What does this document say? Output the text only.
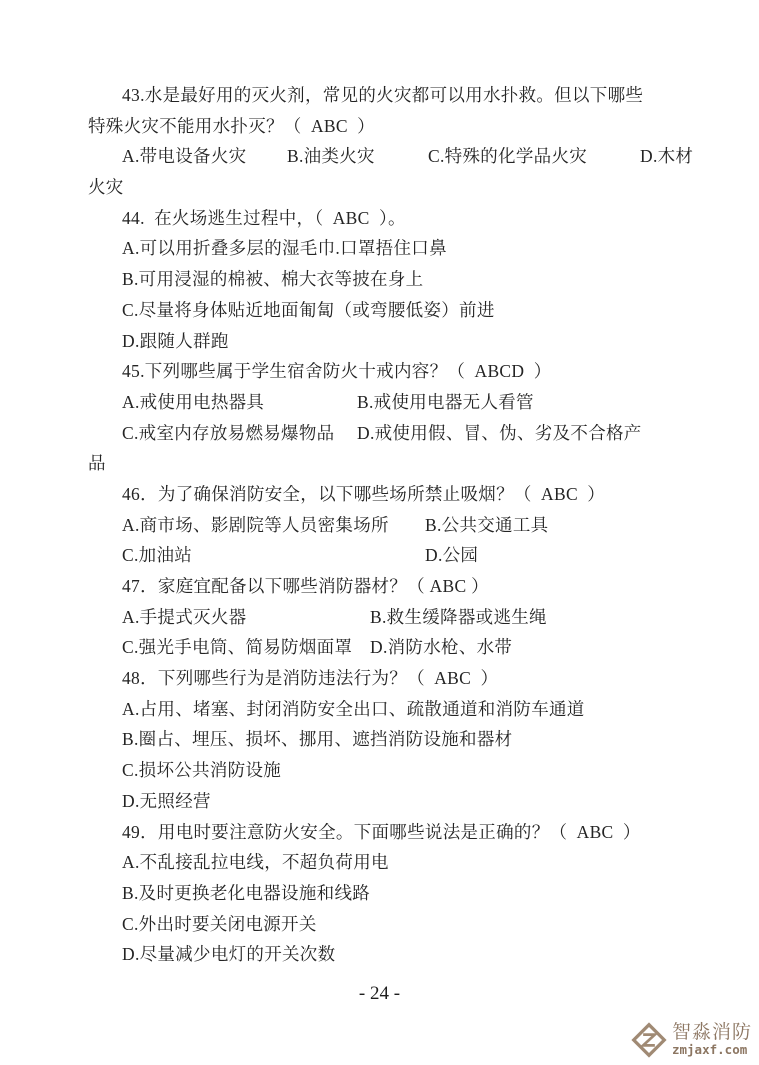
43.水是最好用的灭火剂，常见的火灾都可以用水扑救。但以下哪些
特殊火灾不能用水扑灭？（  ABC  ）
A.带电设备火灾 B.油类火灾	C.特殊的化学品火灾	D.木材
火灾
44.  在火场逃生过程中，（  ABC  ）。
A.可以用折叠多层的湿毛巾.口罩捂住口鼻
B.可用浸湿的棉被、棉大衣等披在身上
C.尽量将身体贴近地面匍匐（或弯腰低姿）前进
D.跟随人群跑
45.下列哪些属于学生宿舍防火十戒内容？（  ABCD  ）
A.戒使用电热器具	B.戒使用电器无人看管
C.戒室内存放易燃易爆物品 D.戒使用假、冒、伪、劣及不合格产
品
46．为了确保消防安全，以下哪些场所禁止吸烟？（  ABC  ）
A.商市场、影剧院等人员密集场所 B.公共交通工具
C.加油站	D.公园
47．家庭宜配备以下哪些消防器材？（ ABC ）
A.手提式灭火器	B.救生缓降器或逃生绳
C.强光手电筒、简易防烟面罩 D.消防水枪、水带
48．下列哪些行为是消防违法行为？（  ABC  ）
A.占用、堵塞、封闭消防安全出口、疏散通道和消防车通道
B.圈占、埋压、损坏、挪用、遮挡消防设施和器材
C.损坏公共消防设施
D.无照经营
49．用电时要注意防火安全。下面哪些说法是正确的？（  ABC  ）
A.不乱接乱拉电线，不超负荷用电
B.及时更换老化电器设施和线路
C.外出时要关闭电源开关
D.尽量减少电灯的开关次数
- 24 -
智淼消防
zmjaxf.com
